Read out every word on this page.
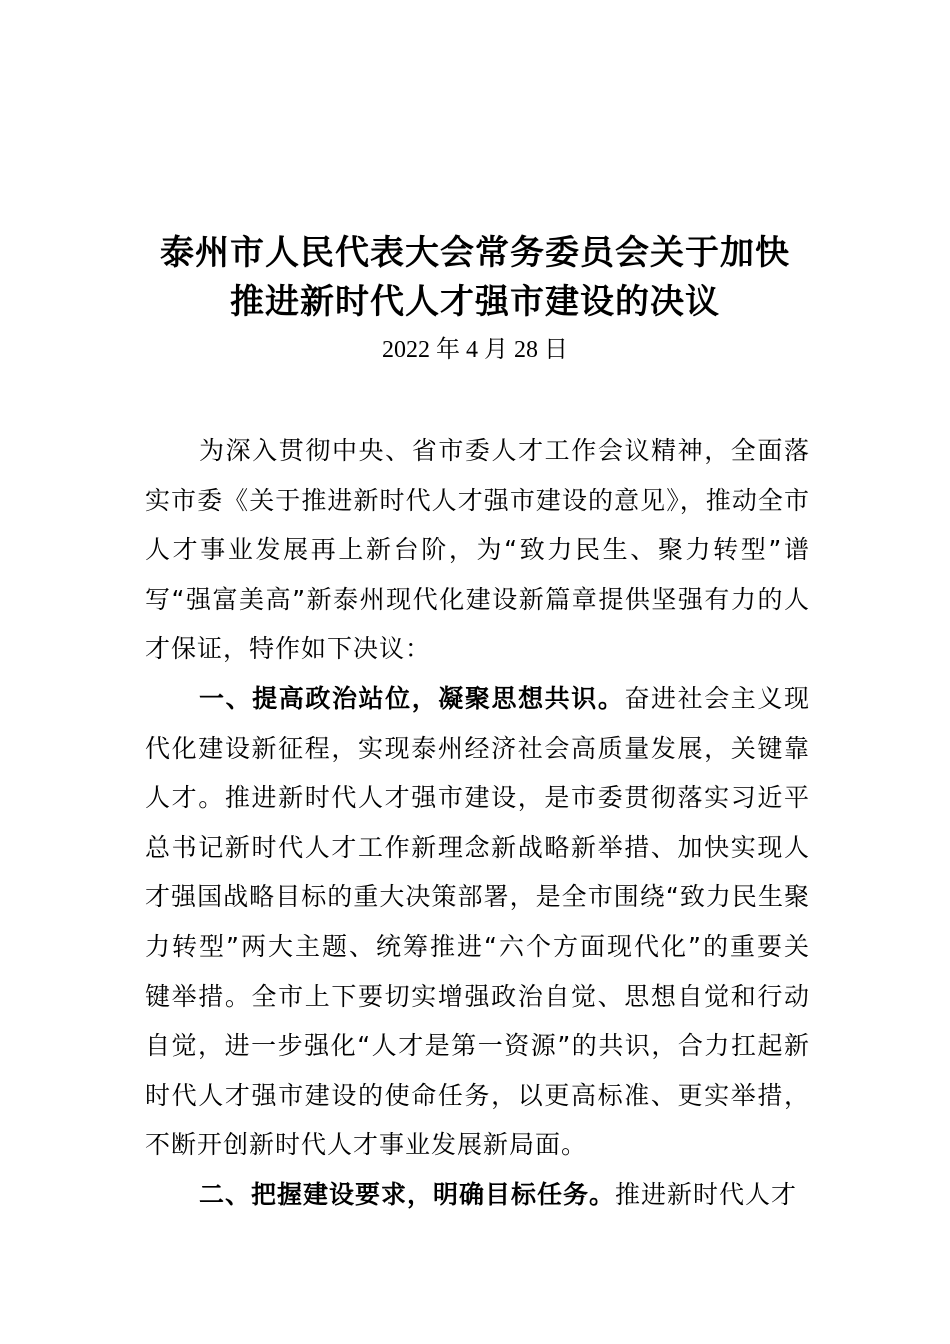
泰州市人民代表大会常务委员会关于加快
推进新时代人才强市建设的决议
2022 年 4 月 28 日

为深入贯彻中央、省市委人才工作会议精神，全面落实市委《关于推进新时代人才强市建设的意见》，推动全市人才事业发展再上新台阶，为“致力民生、聚力转型”谱写“强富美高”新泰州现代化建设新篇章提供坚强有力的人才保证，特作如下决议：

一、提高政治站位，凝聚思想共识。奋进社会主义现代化建设新征程，实现泰州经济社会高质量发展，关键靠人才。推进新时代人才强市建设，是市委贯彻落实习近平总书记新时代人才工作新理念新战略新举措、加快实现人才强国战略目标的重大决策部署，是全市围绕“致力民生聚力转型”两大主题、统筹推进“六个方面现代化”的重要关键举措。全市上下要切实增强政治自觉、思想自觉和行动自觉，进一步强化“人才是第一资源”的共识，合力扛起新时代人才强市建设的使命任务，以更高标准、更实举措，不断开创新时代人才事业发展新局面。

二、把握建设要求，明确目标任务。推进新时代人才
